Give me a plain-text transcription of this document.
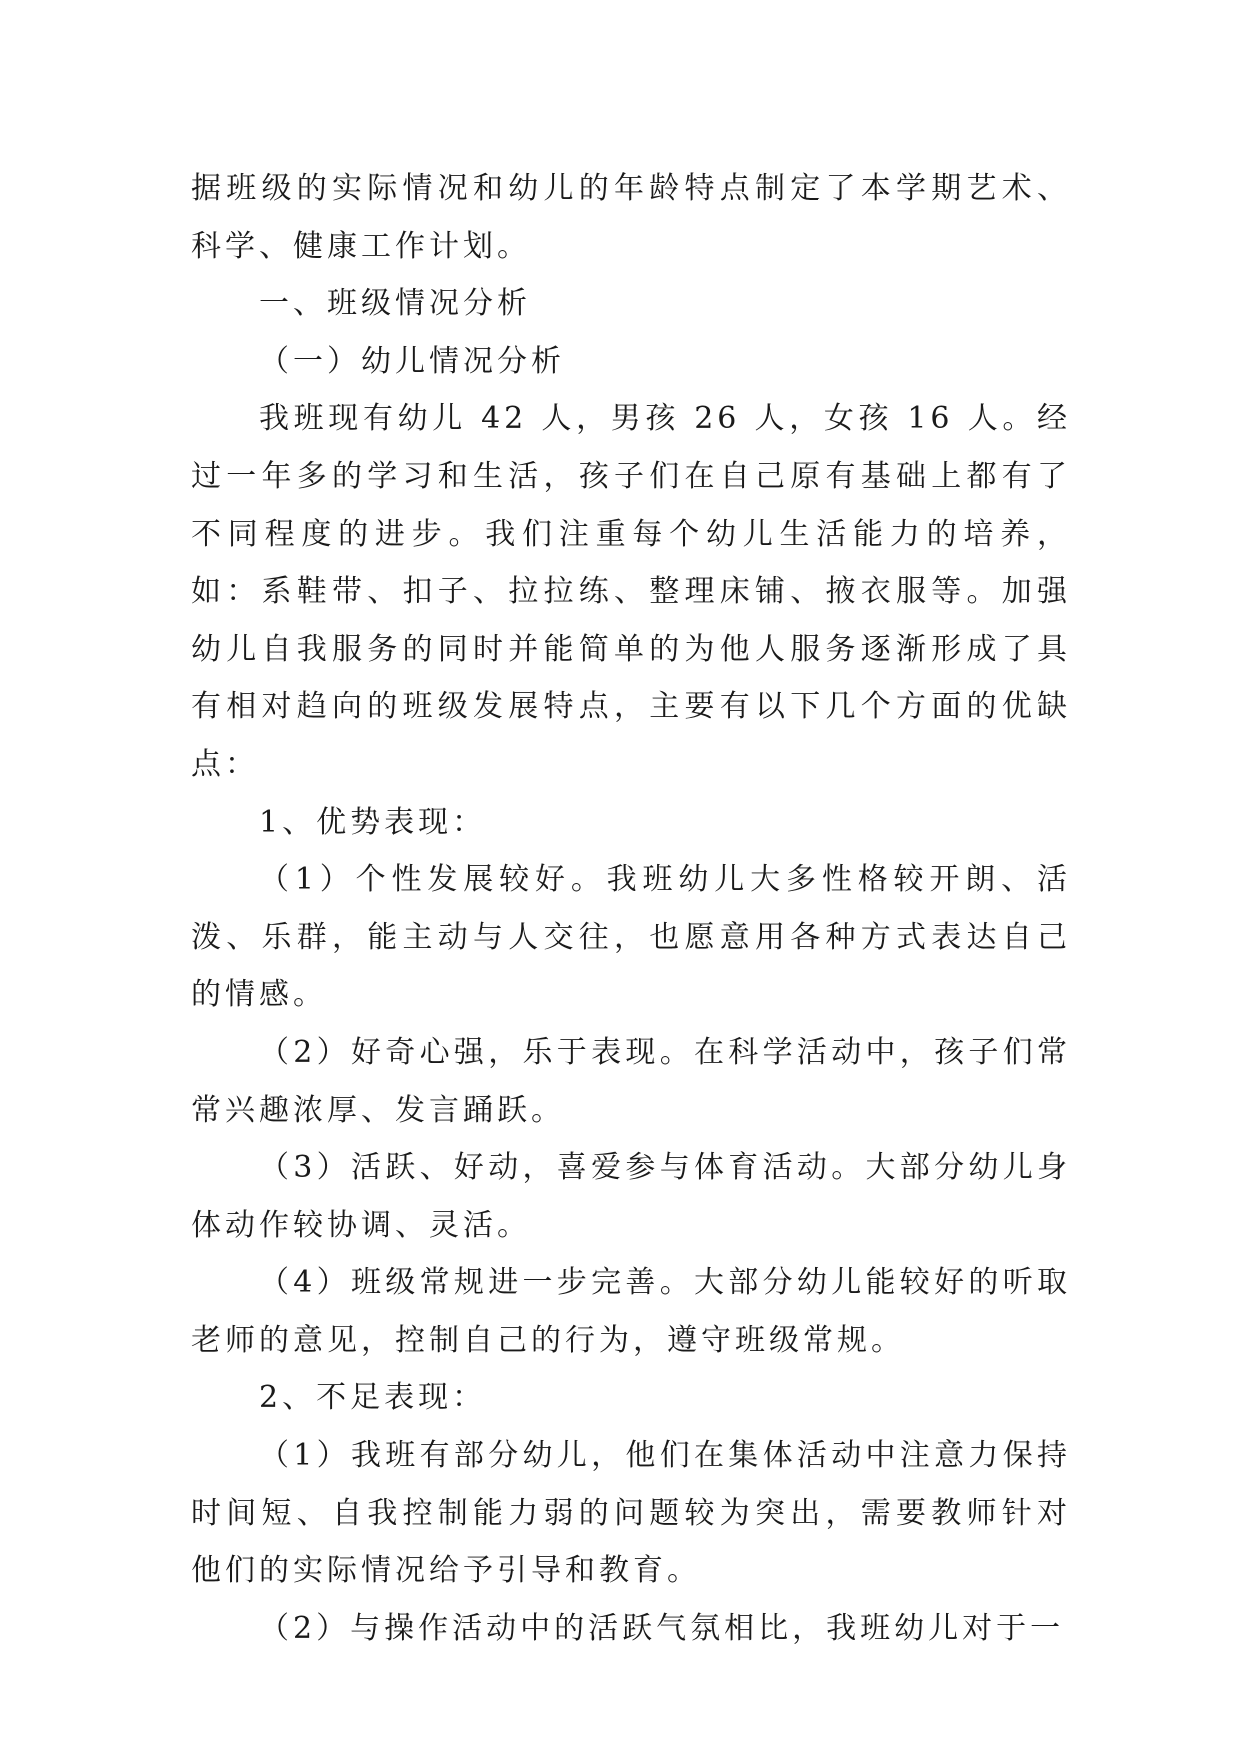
据班级的实际情况和幼儿的年龄特点制定了本学期艺术、科学、健康工作计划。

一、班级情况分析

（一）幼儿情况分析

我班现有幼儿 42 人，男孩 26 人，女孩 16 人。经过一年多的学习和生活，孩子们在自己原有基础上都有了不同程度的进步。我们注重每个幼儿生活能力的培养，如：系鞋带、扣子、拉拉练、整理床铺、掖衣服等。加强幼儿自我服务的同时并能简单的为他人服务逐渐形成了具有相对趋向的班级发展特点，主要有以下几个方面的优缺点：

1、优势表现：

（1）个性发展较好。我班幼儿大多性格较开朗、活泼、乐群，能主动与人交往，也愿意用各种方式表达自己的情感。

（2）好奇心强，乐于表现。在科学活动中，孩子们常常兴趣浓厚、发言踊跃。

（3）活跃、好动，喜爱参与体育活动。大部分幼儿身体动作较协调、灵活。

（4）班级常规进一步完善。大部分幼儿能较好的听取老师的意见，控制自己的行为，遵守班级常规。

2、不足表现：

（1）我班有部分幼儿，他们在集体活动中注意力保持时间短、自我控制能力弱的问题较为突出，需要教师针对他们的实际情况给予引导和教育。

（2）与操作活动中的活跃气氛相比，我班幼儿对于一
